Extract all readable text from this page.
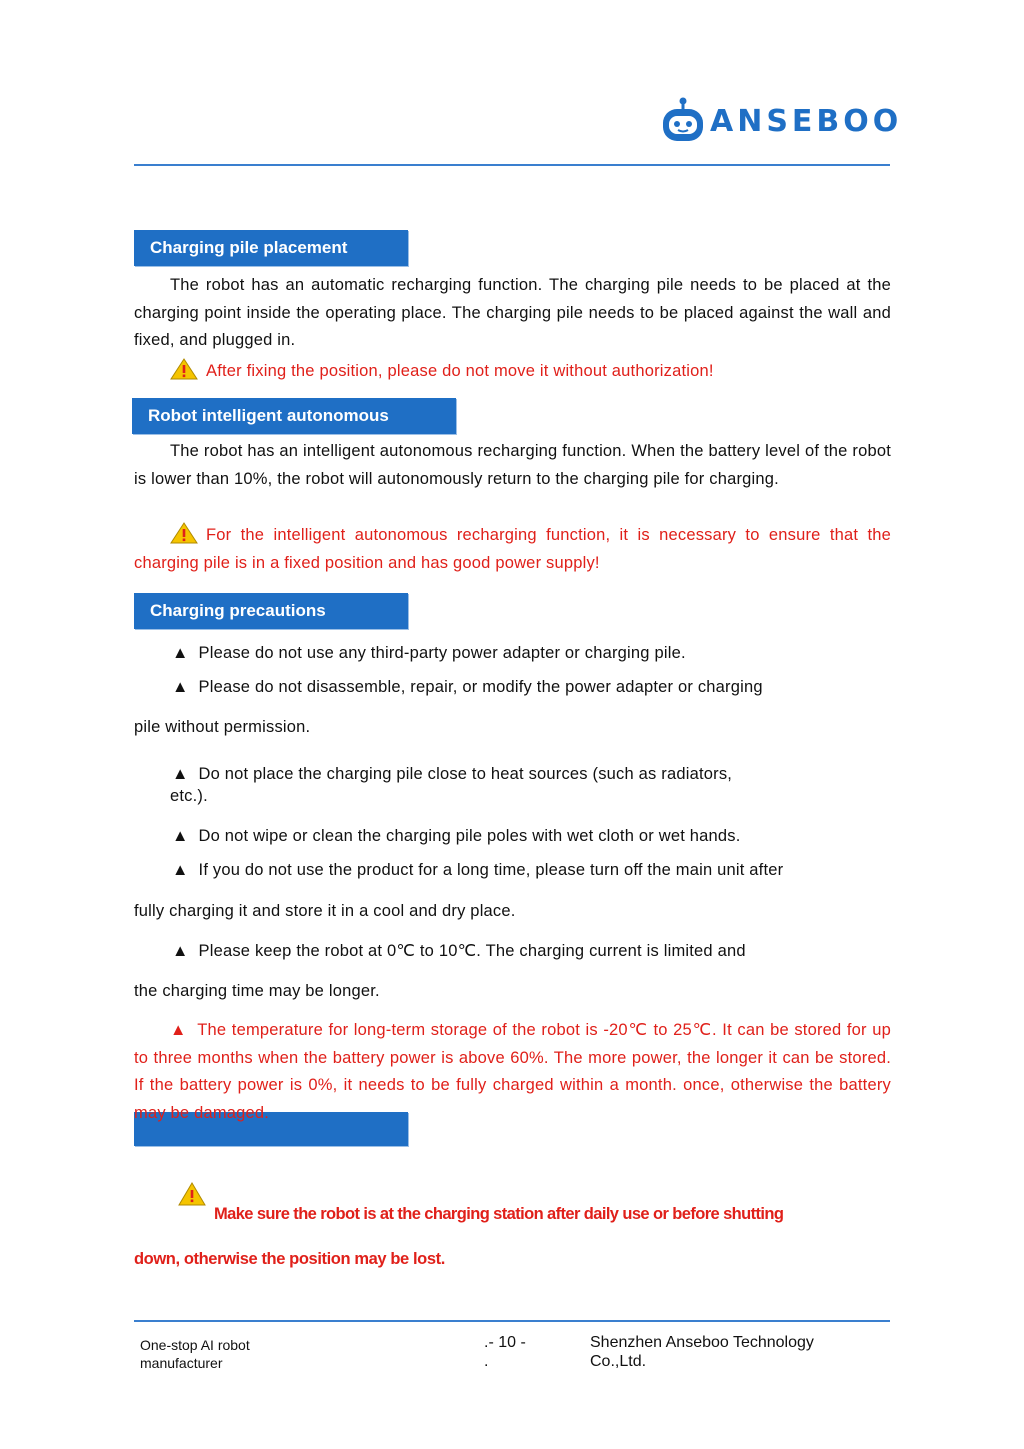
ANSEBOO
Charging pile placement
The robot has an automatic recharging function. The charging pile needs to be placed at the charging point inside the operating place. The charging pile needs to be placed against the wall and fixed, and plugged in.
After fixing the position, please do not move it without authorization!
Robot intelligent autonomous
The robot has an intelligent autonomous recharging function. When the battery level of the robot is lower than 10%, the robot will autonomously return to the charging pile for charging.
For the intelligent autonomous recharging function, it is necessary to ensure that the charging pile is in a fixed position and has good power supply!
Charging precautions
▲ Please do not use any third-party power adapter or charging pile.
▲ Please do not disassemble, repair, or modify the power adapter or charging
pile without permission.
▲ Do not place the charging pile close to heat sources (such as radiators,
etc.).
▲ Do not wipe or clean the charging pile poles with wet cloth or wet hands.
▲ If you do not use the product for a long time, please turn off the main unit after
fully charging it and store it in a cool and dry place.
▲ Please keep the robot at 0℃ to 10℃. The charging current is limited and
the charging time may be longer.
▲ The temperature for long-term storage of the robot is -20℃ to 25℃. It can be stored for up to three months when the battery power is above 60%. The more power, the longer it can be stored. If the battery power is 0%, it needs to be fully charged within a month. once, otherwise the battery may be damaged.
Make sure the robot is at the charging station after daily use or before shutting
down, otherwise the position may be lost.
One-stop AI robot
manufacturer
.- 10 -
.
Shenzhen Anseboo Technology
Co.,Ltd.
